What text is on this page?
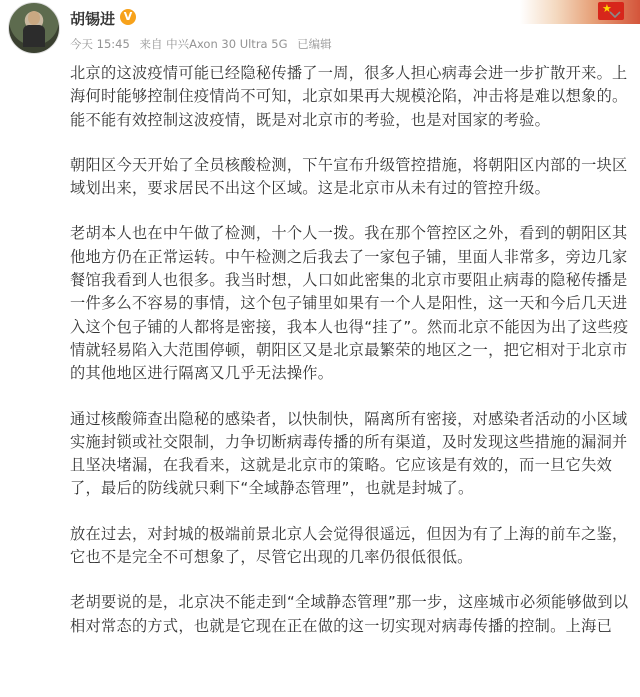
胡锡进 V
今天 15:45 来自 中兴Axon 30 Ultra 5G 已编辑
★

北京的这波疫情可能已经隐秘传播了一周，很多人担心病毒会进一步扩散开来。上海何时能够控制住疫情尚不可知，北京如果再大规模沦陷，冲击将是难以想象的。能不能有效控制这波疫情，既是对北京市的考验，也是对国家的考验。

朝阳区今天开始了全员核酸检测，下午宣布升级管控措施，将朝阳区内部的一块区域划出来，要求居民不出这个区域。这是北京市从未有过的管控升级。

老胡本人也在中午做了检测，十个人一拨。我在那个管控区之外，看到的朝阳区其他地方仍在正常运转。中午检测之后我去了一家包子铺，里面人非常多，旁边几家餐馆我看到人也很多。我当时想，人口如此密集的北京市要阻止病毒的隐秘传播是一件多么不容易的事情，这个包子铺里如果有一个人是阳性，这一天和今后几天进入这个包子铺的人都将是密接，我本人也得“挂了”。然而北京不能因为出了这些疫情就轻易陷入大范围停顿，朝阳区又是北京最繁荣的地区之一，把它相对于北京市的其他地区进行隔离又几乎无法操作。

通过核酸筛查出隐秘的感染者，以快制快，隔离所有密接，对感染者活动的小区域实施封锁或社交限制，力争切断病毒传播的所有渠道，及时发现这些措施的漏洞并且坚决堵漏，在我看来，这就是北京市的策略。它应该是有效的，而一旦它失效了，最后的防线就只剩下“全域静态管理”，也就是封城了。

放在过去，对封城的极端前景北京人会觉得很遥远，但因为有了上海的前车之鉴，它也不是完全不可想象了，尽管它出现的几率仍很低很低。

老胡要说的是，北京决不能走到“全域静态管理”那一步，这座城市必须能够做到以相对常态的方式，也就是它现在正在做的这一切实现对病毒传播的控制。上海已
